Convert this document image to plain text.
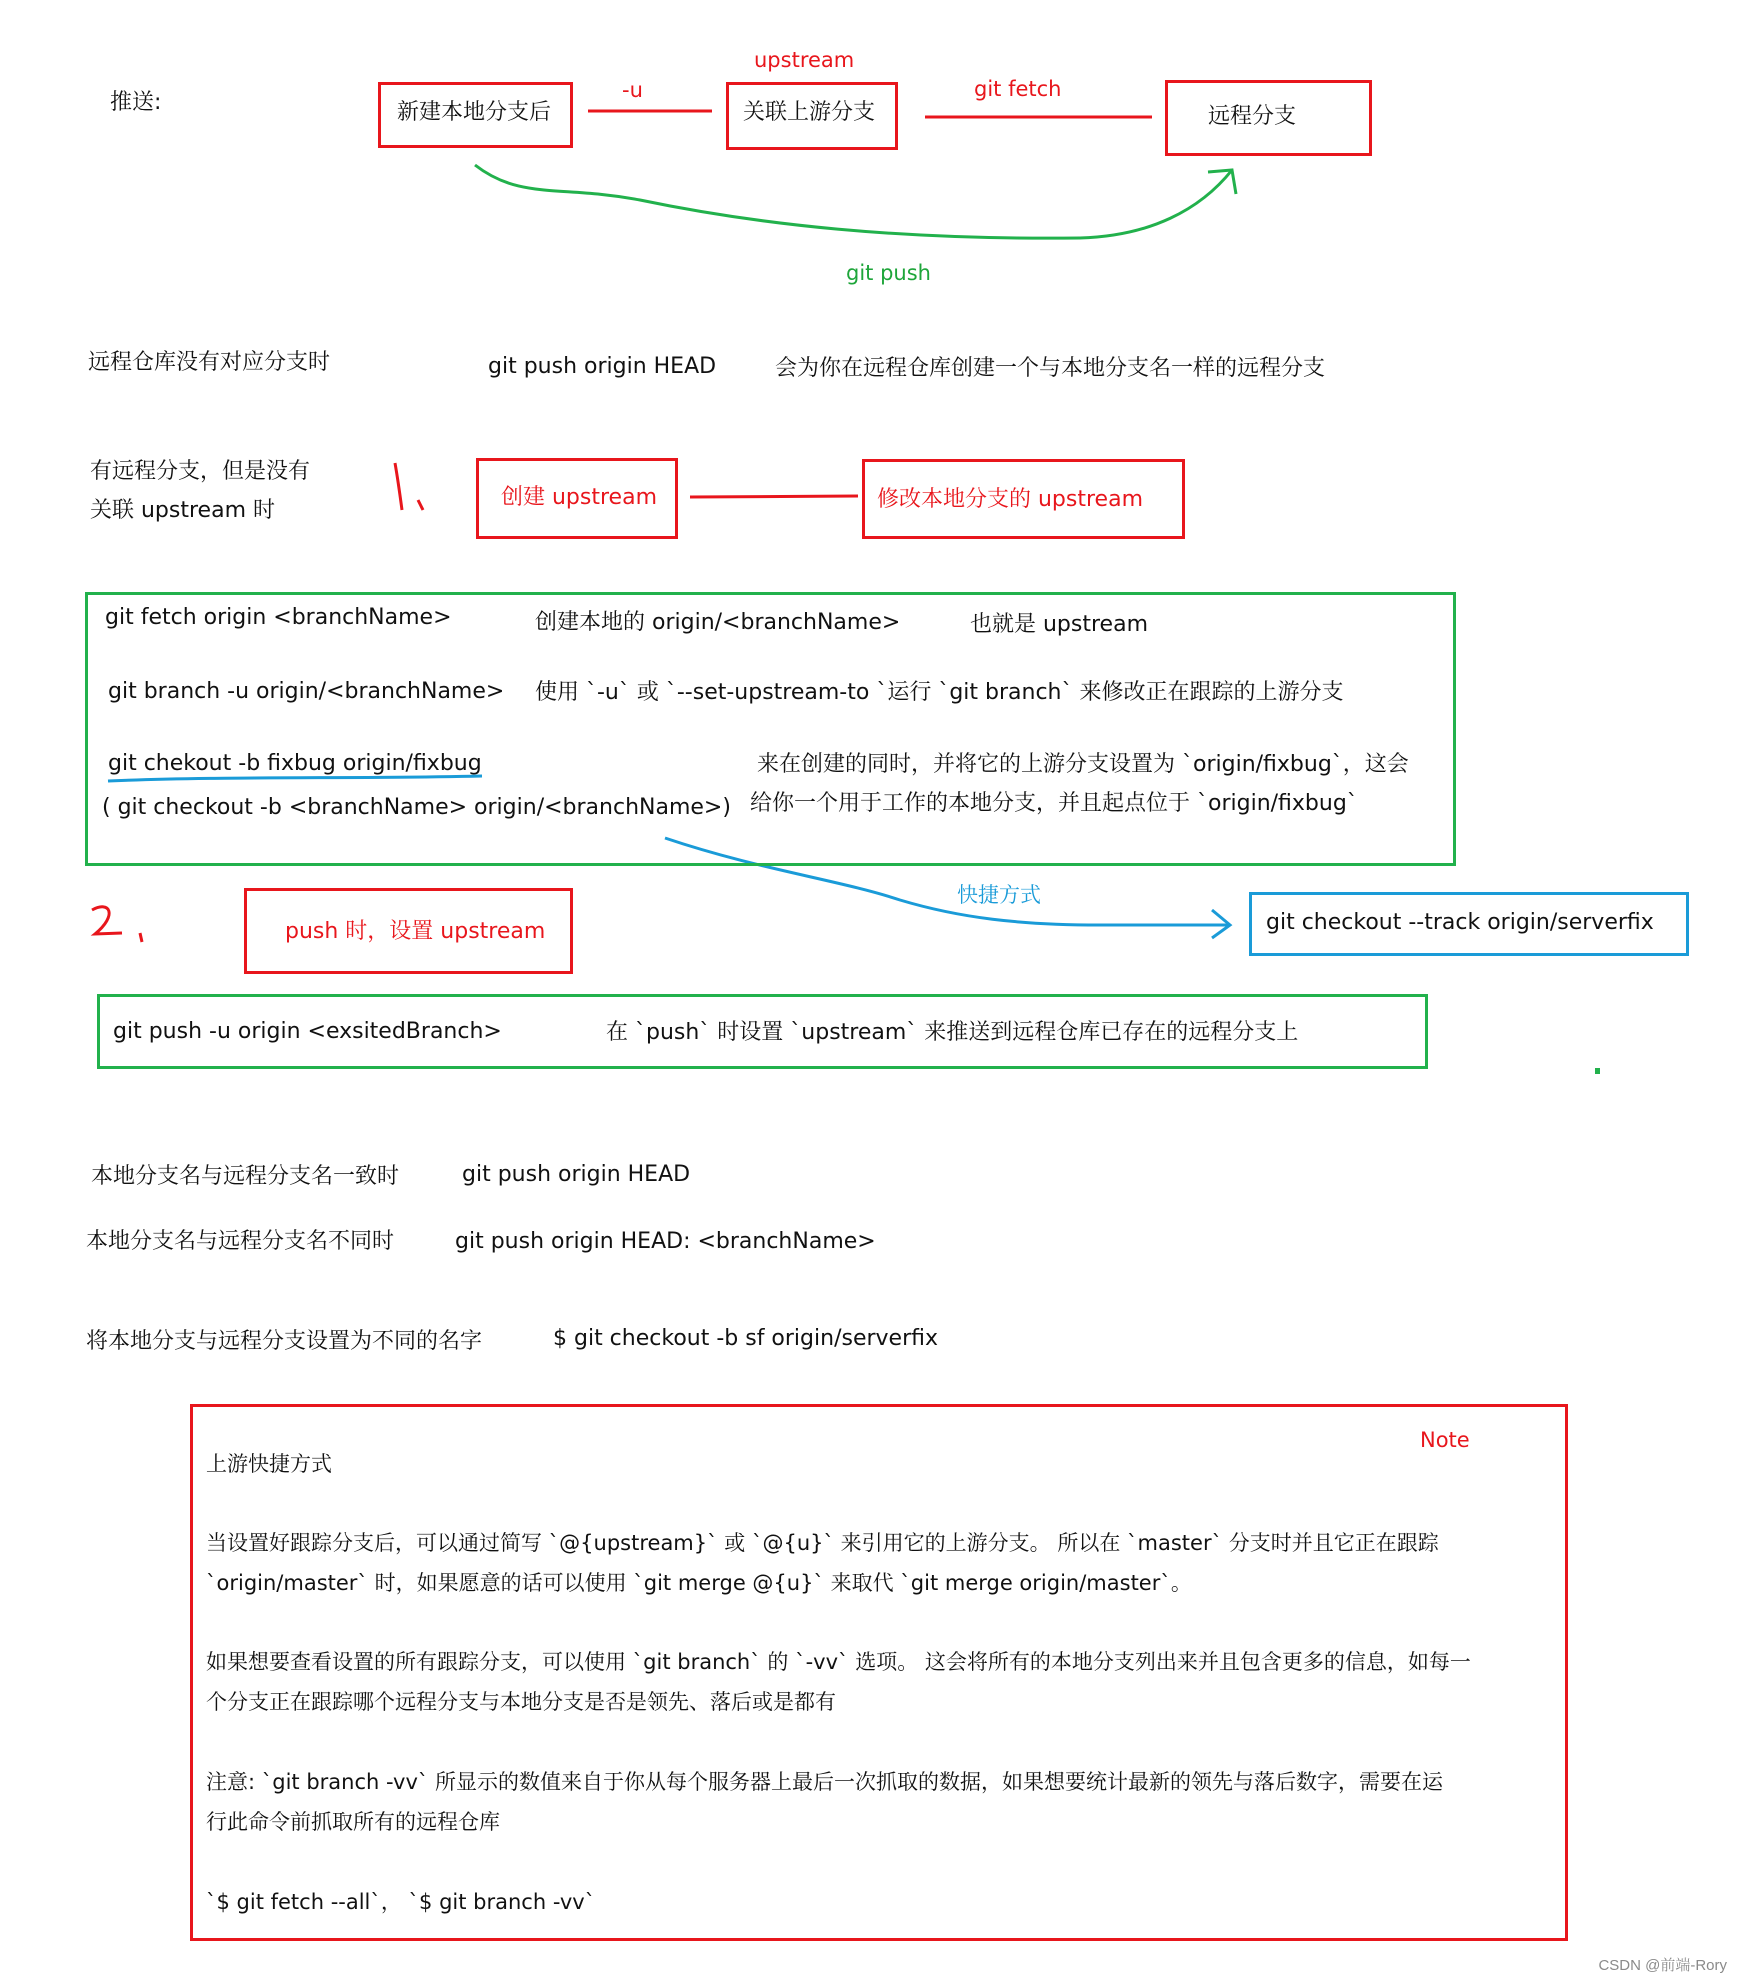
推送:	新建本地分支后
-u
upstream
关联上游分支
git fetch
远程分支
git push
远程仓库没有对应分支时	git push origin HEAD	会为你在远程仓库创建一个与本地分支名一样的远程分支
有远程分支，但是没有
关联 upstream 时
创建 upstream	修改本地分支的 upstream
git fetch origin <branchName>	创建本地的 origin/<branchName>	也就是 upstream
git branch -u origin/<branchName> 使用 `-u` 或 `--set-upstream-to `运行 `git branch` 来修改正在跟踪的上游分支
git chekout -b fixbug origin/fixbug
( git checkout -b <branchName> origin/<branchName>)
来在创建的同时，并将它的上游分支设置为 `origin/fixbug`，这会
给你一个用于工作的本地分支，并且起点位于 `origin/fixbug`
快捷方式
git checkout --track origin/serverfix
push 时，设置 upstream
git push -u origin <exsitedBranch>	在 `push` 时设置 `upstream` 来推送到远程仓库已存在的远程分支上
本地分支名与远程分支名一致时	git push origin HEAD
本地分支名与远程分支名不同时	git push origin HEAD: <branchName>
将本地分支与远程分支设置为不同的名字	$ git checkout -b sf origin/serverfix
Note
上游快捷方式
当设置好跟踪分支后，可以通过简写 `@{upstream}` 或 `@{u}` 来引用它的上游分支。 所以在 `master` 分支时并且它正在跟踪
`origin/master` 时，如果愿意的话可以使用 `git merge @{u}` 来取代 `git merge origin/master`。
如果想要查看设置的所有跟踪分支，可以使用 `git branch` 的 `-vv` 选项。 这会将所有的本地分支列出来并且包含更多的信息，如每一
个分支正在跟踪哪个远程分支与本地分支是否是领先、落后或是都有
注意: `git branch -vv` 所显示的数值来自于你从每个服务器上最后一次抓取的数据，如果想要统计最新的领先与落后数字，需要在运
行此命令前抓取所有的远程仓库
`$ git fetch --all`， `$ git branch -vv`
CSDN @前端-Rory
